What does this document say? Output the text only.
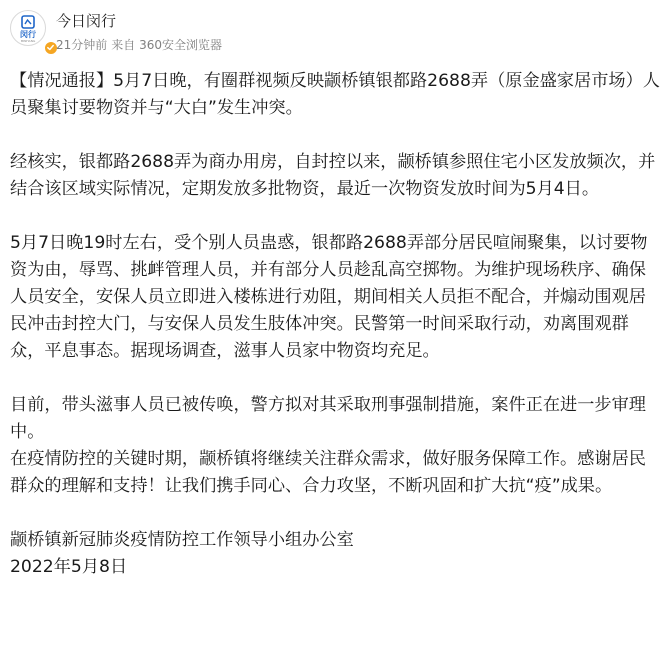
闵行
MINHANG
今日闵行
21分钟前 来自 360安全浏览器

【情况通报】5月7日晚，有圈群视频反映颛桥镇银都路2688弄（原金盛家居市场）人员聚集讨要物资并与“大白”发生冲突。

经核实，银都路2688弄为商办用房，自封控以来，颛桥镇参照住宅小区发放频次，并结合该区域实际情况，定期发放多批物资，最近一次物资发放时间为5月4日。

5月7日晚19时左右，受个别人员蛊惑，银都路2688弄部分居民喧闹聚集，以讨要物资为由，辱骂、挑衅管理人员，并有部分人员趁乱高空掷物。为维护现场秩序、确保人员安全，安保人员立即进入楼栋进行劝阻，期间相关人员拒不配合，并煽动围观居民冲击封控大门，与安保人员发生肢体冲突。民警第一时间采取行动，劝离围观群众，平息事态。据现场调查，滋事人员家中物资均充足。

目前，带头滋事人员已被传唤，警方拟对其采取刑事强制措施，案件正在进一步审理中。

在疫情防控的关键时期，颛桥镇将继续关注群众需求，做好服务保障工作。感谢居民群众的理解和支持！让我们携手同心、合力攻坚，不断巩固和扩大抗“疫”成果。

颛桥镇新冠肺炎疫情防控工作领导小组办公室

2022年5月8日
